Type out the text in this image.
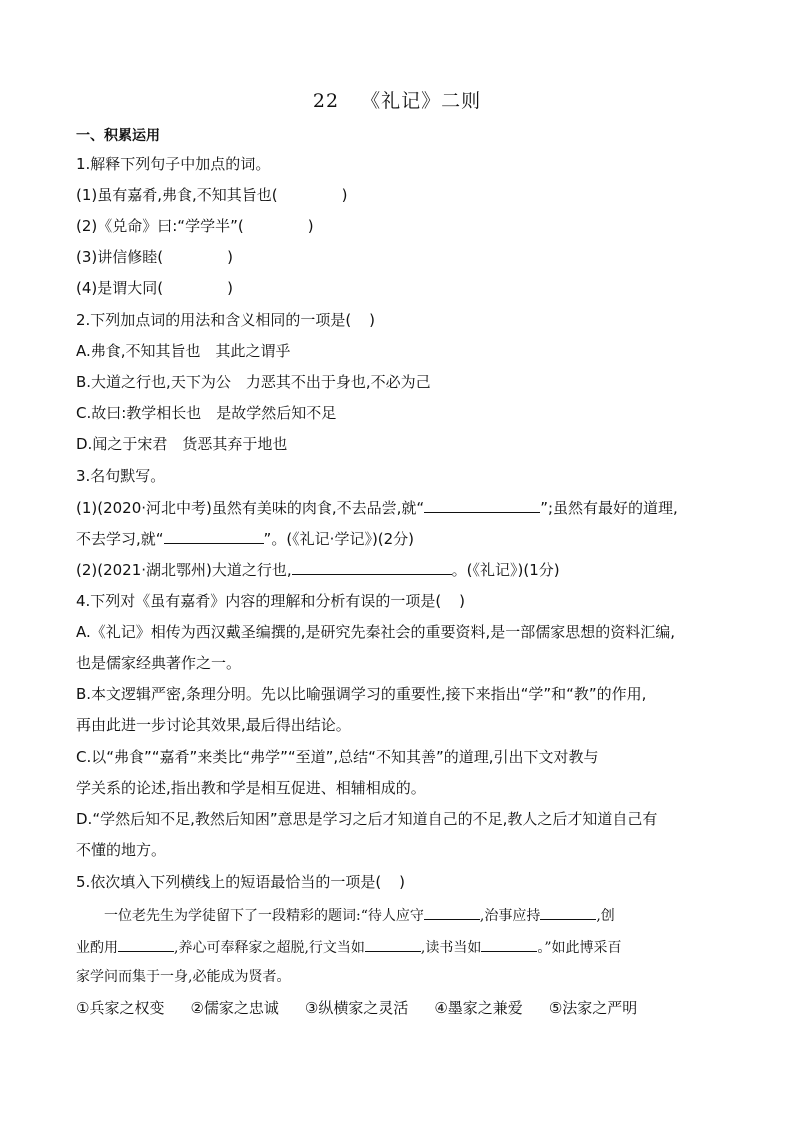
22 《礼记》二则
一、积累运用
1.解释下列句子中加点的词。
(1)虽有嘉肴,弗食,不知其旨也(	)
(2)《兑命》曰:“学学半”(	)
(3)讲信修睦(	)
(4)是谓大同(	)
2.下列加点词的用法和含义相同的一项是( )
A.弗食,不知其旨也　其此之谓乎
B.大道之行也,天下为公　力恶其不出于身也,不必为己
C.故曰:教学相长也　是故学然后知不足
D.闻之于宋君　货恶其弃于地也
3.名句默写。
(1)(2020·河北中考)虽然有美味的肉食,不去品尝,就“	”;虽然有最好的道理,
不去学习,就“	”。(《礼记·学记》)(2分)
(2)(2021·湖北鄂州)大道之行也,	。(《礼记》)(1分)
4.下列对《虽有嘉肴》内容的理解和分析有误的一项是( )
A.《礼记》相传为西汉戴圣编撰的,是研究先秦社会的重要资料,是一部儒家思想的资料汇编,
也是儒家经典著作之一。
B.本文逻辑严密,条理分明。先以比喻强调学习的重要性,接下来指出“学”和“教”的作用,
再由此进一步讨论其效果,最后得出结论。
C.以“弗食”“嘉肴”来类比“弗学”“至道”,总结“不知其善”的道理,引出下文对教与
学关系的论述,指出教和学是相互促进、相辅相成的。
D.“学然后知不足,教然后知困”意思是学习之后才知道自己的不足,教人之后才知道自己有
不懂的地方。
5.依次填入下列横线上的短语最恰当的一项是( )
一位老先生为学徒留下了一段精彩的题词:“待人应守	,治事应持	,创
业酌用	,养心可奉释家之超脱,行文当如	,读书当如	。”如此博采百
家学问而集于一身,必能成为贤者。
①兵家之权变 ②儒家之忠诚 ③纵横家之灵活 ④墨家之兼爱 ⑤法家之严明
